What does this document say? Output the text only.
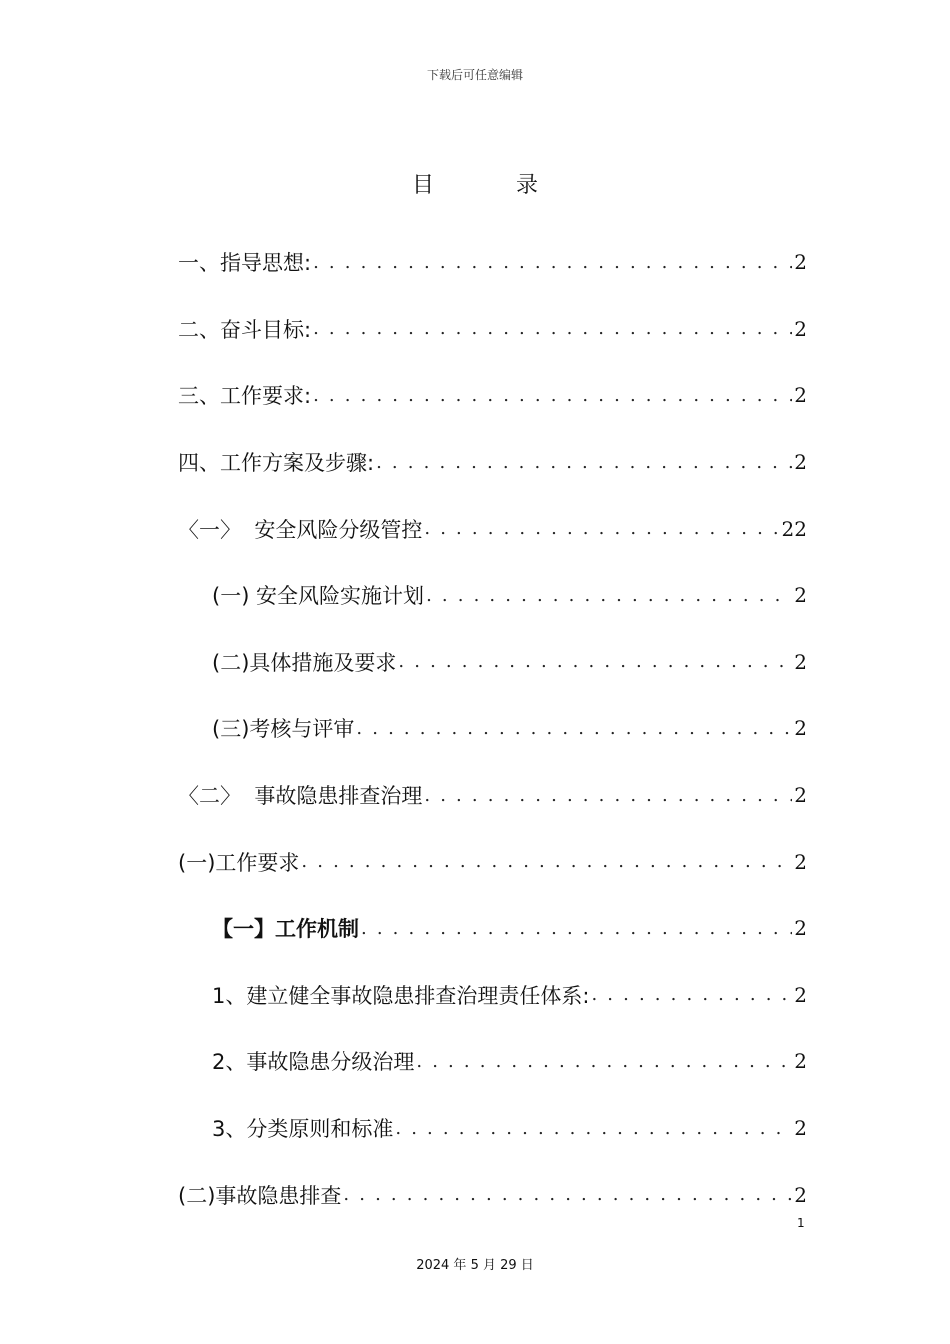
下载后可任意编辑
目	录
一、指导思想: . . .	2
二、奋斗目标: . . .	2
三、工作要求: . . .	2
四、工作方案及步骤: . . .	2
〈一〉  安全风险分级管控 . . .	22
(一) 安全风险实施计划 . . .	2
(二)具体措施及要求 . . .	2
(三)考核与评审 . . .	2
〈二〉  事故隐患排查治理 . . .	2
(一)工作要求 . . .	2
【一】工作机制 . . .	2
1、建立健全事故隐患排查治理责任体系: . . .	2
2、事故隐患分级治理 . . .	2
3、分类原则和标准 . . .	2
(二)事故隐患排查 . . .	2
1
2024 年 5 月 29 日
